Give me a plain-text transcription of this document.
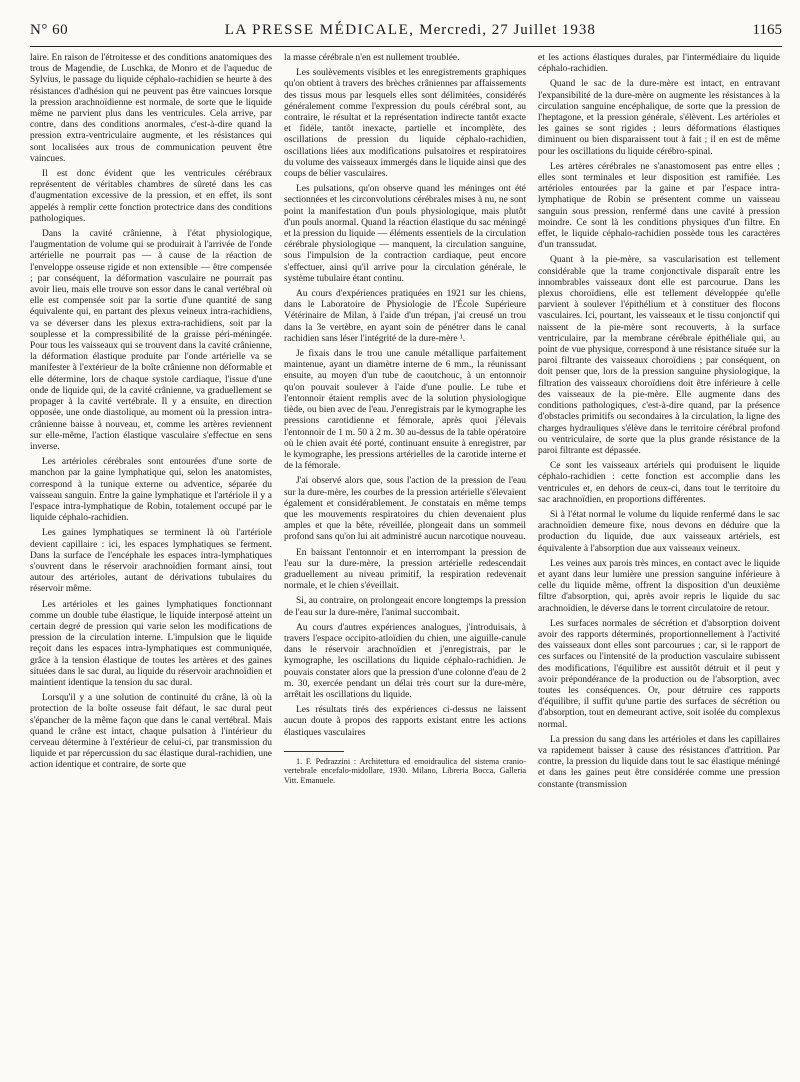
N° 60	LA PRESSE MÉDICALE, Mercredi, 27 Juillet 1938	1165

laire. En raison de l'étroitesse et des conditions anatomiques des trous de Magendie, de Luschka, de Monro et de l'aqueduc de Sylvius, le passage du liquide céphalo-rachidien se heurte à des résistances d'adhésion qui ne peuvent pas être vaincues lorsque la pression arachnoïdienne est normale, de sorte que le liquide même ne parvient plus dans les ventricules. Cela arrive, par contre, dans des conditions anormales, c'est-à-dire quand la pression extra-ventriculaire augmente, et les résistances qui sont localisées aux trous de communication peuvent être vaincues.

Il est donc évident que les ventricules cérébraux représentent de véritables chambres de sûreté dans les cas d'augmentation excessive de la pression, et en effet, ils sont appelés à remplir cette fonction protectrice dans des conditions pathologiques.

Dans la cavité crânienne, à l'état physiologique, l'augmentation de volume qui se produirait à l'arrivée de l'onde artérielle ne pourrait pas — à cause de la réaction de l'enveloppe osseuse rigide et non extensible — être compensée ; par conséquent, la déformation vasculaire ne pourrait pas avoir lieu, mais elle trouve son essor dans le canal vertébral où elle est compensée soit par la sortie d'une quantité de sang équivalente qui, en partant des plexus veineux intra-rachidiens, va se déverser dans les plexus extra-rachidiens, soit par la souplesse et la compressibilité de la graisse péri-méningée. Pour tous les vaisseaux qui se trouvent dans la cavité crânienne, la déformation élastique produite par l'onde artérielle va se manifester à l'extérieur de la boîte crânienne non déformable et elle détermine, lors de chaque systole cardiaque, l'issue d'une onde de liquide qui, de la cavité crânienne, va graduellement se propager à la cavité vertébrale. Il y a ensuite, en direction opposée, une onde diastolique, au moment où la pression intra-crânienne baisse à nouveau, et, comme les artères reviennent sur elle-même, l'action élastique vasculaire s'effectue en sens inverse.

Les artérioles cérébrales sont entourées d'une sorte de manchon par la gaine lymphatique qui, selon les anatomistes, correspond à la tunique externe ou adventice, séparée du vaisseau sanguin. Entre la gaine lymphatique et l'artériole il y a l'espace intra-lymphatique de Robin, totalement occupé par le liquide céphalo-rachidien.

Les gaines lymphatiques se terminent là où l'artériole devient capillaire : ici, les espaces lymphatiques se ferment. Dans la surface de l'encéphale les espaces intra-lymphatiques s'ouvrent dans le réservoir arachnoïdien formant ainsi, tout autour des artérioles, autant de dérivations tubulaires du réservoir même.

Les artérioles et les gaines lymphatiques fonctionnant comme un double tube élastique, le liquide interposé atteint un certain degré de pression qui varie selon les modifications de pression de la circulation interne. L'impulsion que le liquide reçoit dans les espaces intra-lymphatiques est communiquée, grâce à la tension élastique de toutes les artères et des gaines situées dans le sac dural, au liquide du réservoir arachnoïdien et maintient identique la tension du sac dural.

Lorsqu'il y a une solution de continuité du crâne, là où la protection de la boîte osseuse fait défaut, le sac dural peut s'épancher de la même façon que dans le canal vertébral. Mais quand le crâne est intact, chaque pulsation à l'intérieur du cerveau détermine à l'extérieur de celui-ci, par transmission du liquide et par répercussion du sac élastique dural-rachidien, une action identique et contraire, de sorte que

la masse cérébrale n'en est nullement troublée.

Les soulèvements visibles et les enregistrements graphiques qu'on obtient à travers des brèches crâniennes par affaissements des tissus mous par lesquels elles sont délimitées, considérés généralement comme l'expression du pouls cérébral sont, au contraire, le résultat et la représentation indirecte tantôt exacte et fidèle, tantôt inexacte, partielle et incomplète, des oscillations de pression du liquide céphalo-rachidien, oscillations liées aux modifications pulsatoires et respiratoires du volume des vaisseaux immergés dans le liquide ainsi que des coups de bélier vasculaires.

Les pulsations, qu'on observe quand les méninges ont été sectionnées et les circonvolutions cérébrales mises à nu, ne sont point la manifestation d'un pouls physiologique, mais plutôt d'un pouls anormal. Quand la réaction élastique du sac méningé et la pression du liquide — éléments essentiels de la circulation cérébrale physiologique — manquent, la circulation sanguine, sous l'impulsion de la contraction cardiaque, peut encore s'effectuer, ainsi qu'il arrive pour la circulation générale, le système tubulaire étant continu.

Au cours d'expériences pratiquées en 1921 sur les chiens, dans le Laboratoire de Physiologie de l'École Supérieure Vétérinaire de Milan, à l'aide d'un trépan, j'ai creusé un trou dans la 3e vertèbre, en ayant soin de pénétrer dans le canal rachidien sans léser l'intégrité de la dure-mère ¹.

Je fixais dans le trou une canule métallique parfaitement maintenue, ayant un diamètre interne de 6 mm., la réunissant ensuite, au moyen d'un tube de caoutchouc, à un entonnoir qu'on pouvait soulever à l'aide d'une poulie. Le tube et l'entonnoir étaient remplis avec de la solution physiologique tiède, ou bien avec de l'eau. J'enregistrais par le kymographe les pressions carotidienne et fémorale, après quoi j'élevais l'entonnoir de 1 m. 50 à 2 m. 30 au-dessus de la table opératoire où le chien avait été porté, continuant ensuite à enregistrer, par le kymographe, les pressions artérielles de la carotide interne et de la fémorale.

J'ai observé alors que, sous l'action de la pression de l'eau sur la dure-mère, les courbes de la pression artérielle s'élevaient également et considérablement. Je constatais en même temps que les mouvements respiratoires du chien devenaient plus amples et que la bête, réveillée, plongeait dans un sommeil profond sans qu'on lui ait administré aucun narcotique nouveau.

En baissant l'entonnoir et en interrompant la pression de l'eau sur la dure-mère, la pression artérielle redescendait graduellement au niveau primitif, la respiration redevenait normale, et le chien s'éveillait.

Si, au contraire, on prolongeait encore longtemps la pression de l'eau sur la dure-mère, l'animal succombait.

Au cours d'autres expériences analogues, j'introduisais, à travers l'espace occipito-atloïdien du chien, une aiguille-canule dans le réservoir arachnoïdien et j'enregistrais, par le kymographe, les oscillations du liquide céphalo-rachidien. Je pouvais constater alors que la pression d'une colonne d'eau de 2 m. 30, exercée pendant un délai très court sur la dure-mère, arrêtait les oscillations du liquide.

Les résultats tirés des expériences ci-dessus ne laissent aucun doute à propos des rapports existant entre les actions élastiques vasculaires

1. F. Pedrazzini : Architettura ed emoidraulica del sistema cranio-vertebrale encefalo-midollare, 1930. Milano, Libreria Bocca, Galleria Vitt. Emanuele.

et les actions élastiques durales, par l'intermédiaire du liquide céphalo-rachidien.

Quand le sac de la dure-mère est intact, en entravant l'expansibilité de la dure-mère on augmente les résistances à la circulation sanguine encéphalique, de sorte que la pression de l'heptagone, et la pression générale, s'élèvent. Les artérioles et les gaines se sont rigides ; leurs déformations élastiques diminuent ou bien disparaissent tout à fait ; il en est de même pour les oscillations du liquide cérébro-spinal.

Les artères cérébrales ne s'anastomosent pas entre elles ; elles sont terminales et leur disposition est ramifiée. Les artérioles entourées par la gaine et par l'espace intra-lymphatique de Robin se présentent comme un vaisseau sanguin sous pression, renfermé dans une cavité à pression moindre. Ce sont là les conditions physiques d'un filtre. En effet, le liquide céphalo-rachidien possède tous les caractères d'un transsudat.

Quant à la pie-mère, sa vascularisation est tellement considérable que la trame conjonctivale disparaît entre les innombrables vaisseaux dont elle est parcourue. Dans les plexus choroïdiens, elle est tellement développée qu'elle parvient à soulever l'épithélium et à constituer des flocons vasculaires. Ici, pourtant, les vaisseaux et le tissu conjonctif qui naissent de la pie-mère sont recouverts, à la surface ventriculaire, par la membrane cérébrale épithéliale qui, au point de vue physique, correspond à une résistance située sur la paroi filtrante des vaisseaux choroïdiens ; par conséquent, on doit penser que, lors de la pression sanguine physiologique, la filtration des vaisseaux choroïdiens doit être inférieure à celle des vaisseaux de la pie-mère. Elle augmente dans des conditions pathologiques, c'est-à-dire quand, par la présence d'obstacles primitifs ou secondaires à la circulation, la ligne des charges hydrauliques s'élève dans le territoire cérébral profond ou ventriculaire, de sorte que la plus grande résistance de la paroi filtrante est dépassée.

Ce sont les vaisseaux artériels qui produisent le liquide céphalo-rachidien : cette fonction est accomplie dans les ventricules et, en dehors de ceux-ci, dans tout le territoire du sac arachnoïdien, en proportions différentes.

Si à l'état normal le volume du liquide renfermé dans le sac arachnoïdien demeure fixe, nous devons en déduire que la production du liquide, due aux vaisseaux artériels, est équivalente à l'absorption due aux vaisseaux veineux.

Les veines aux parois très minces, en contact avec le liquide et ayant dans leur lumière une pression sanguine inférieure à celle du liquide même, offrent la disposition d'un deuxième filtre d'absorption, qui, après avoir repris le liquide du sac arachnoïdien, le déverse dans le torrent circulatoire de retour.

Les surfaces normales de sécrétion et d'absorption doivent avoir des rapports déterminés, proportionnellement à l'activité des vaisseaux dont elles sont parcourues ; car, si le rapport de ces surfaces ou l'intensité de la production vasculaire subissent des modifications, l'équilibre est aussitôt détruit et il peut y avoir prépondérance de la production ou de l'absorption, avec toutes les conséquences. Or, pour détruire ces rapports d'équilibre, il suffit qu'une partie des surfaces de sécrétion ou d'absorption, tout en demeurant active, soit isolée du complexus normal.

La pression du sang dans les artérioles et dans les capillaires va rapidement baisser à cause des résistances d'attrition. Par contre, la pression du liquide dans tout le sac élastique méningé et dans les gaines peut être considérée comme une pression constante (transmission
